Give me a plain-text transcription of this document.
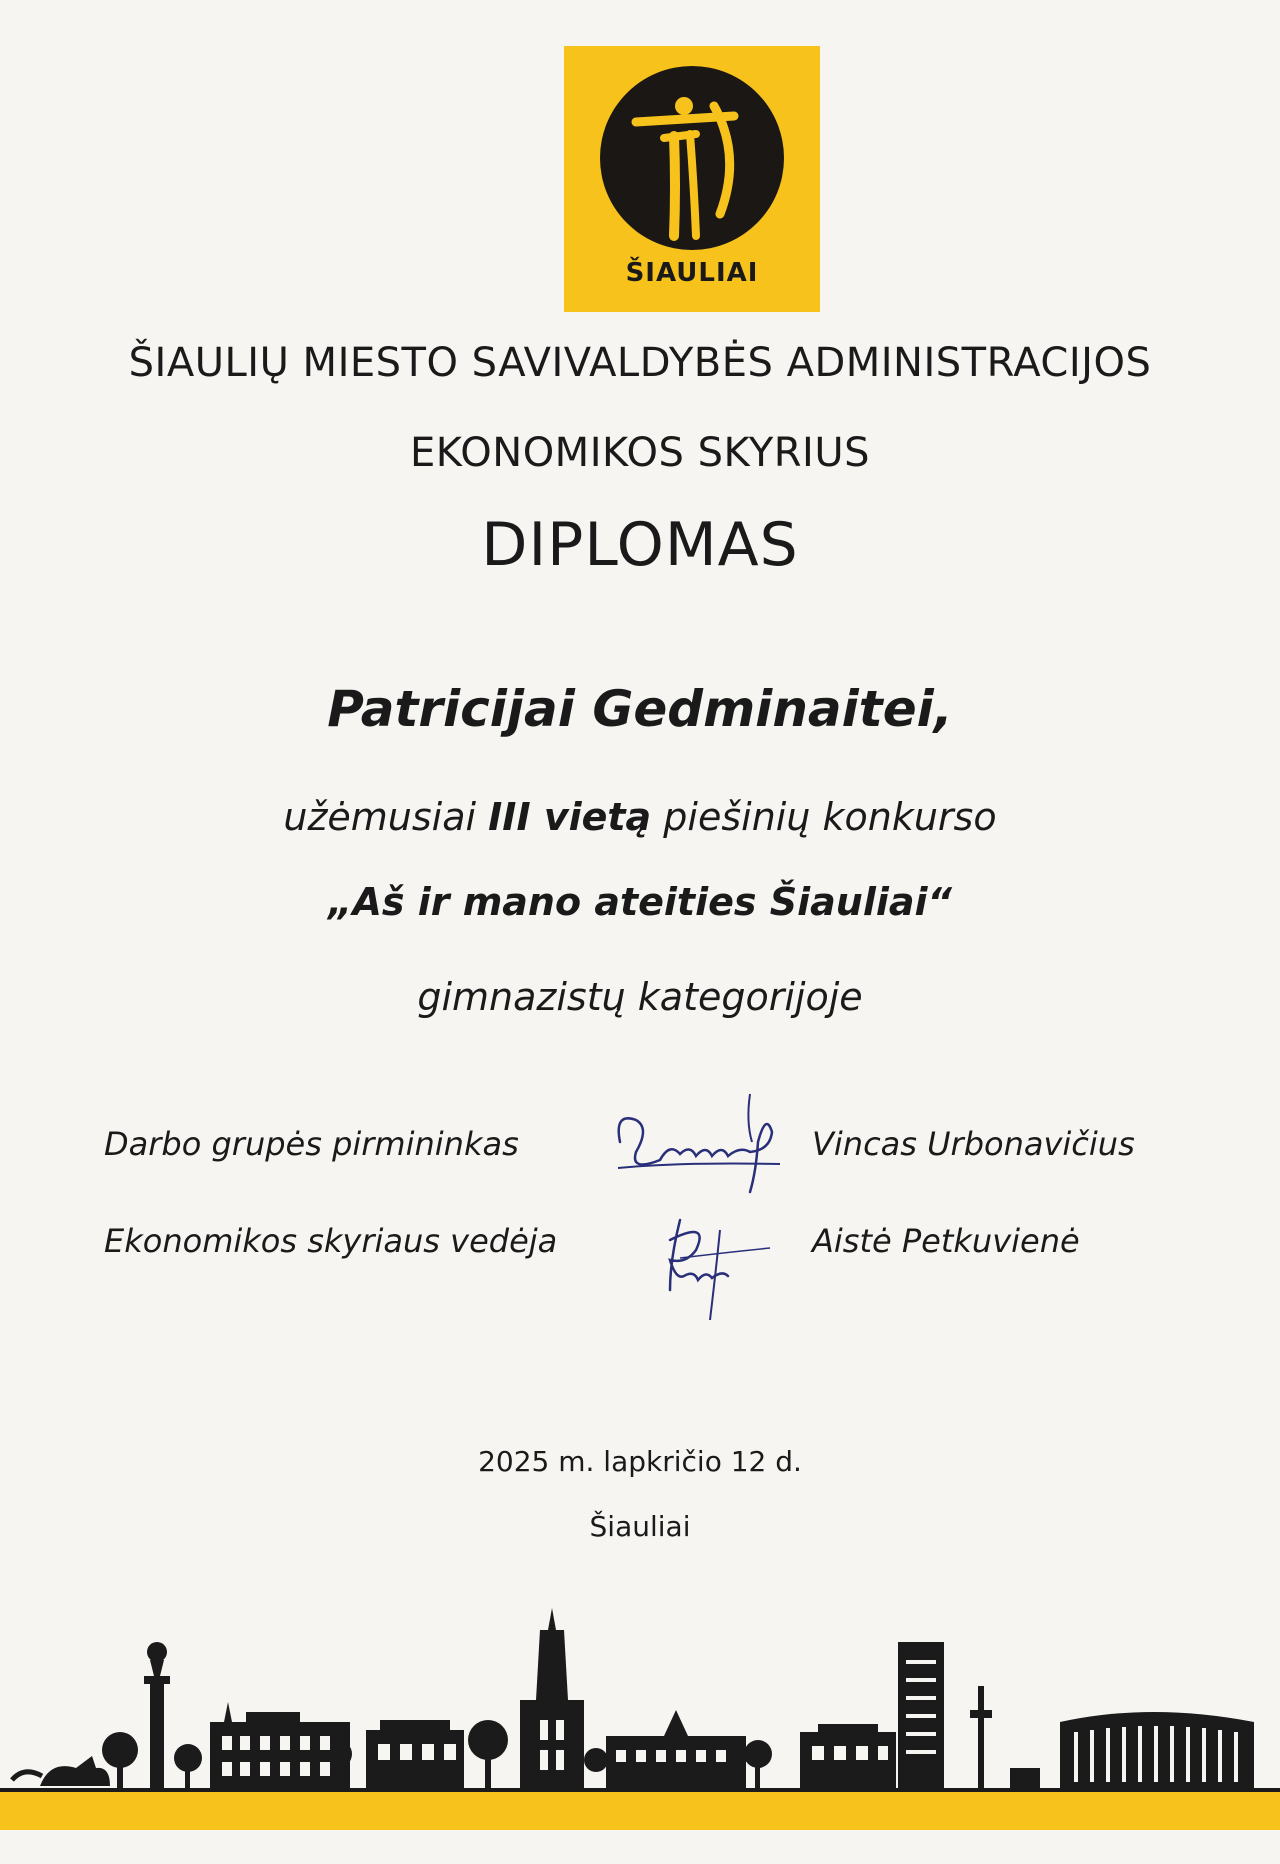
ŠIAULIAI
ŠIAULIŲ MIESTO SAVIVALDYBĖS ADMINISTRACIJOS
EKONOMIKOS SKYRIUS
DIPLOMAS
Patricijai Gedminaitei,
užėmusiai III vietą piešinių konkurso
„Aš ir mano ateities Šiauliai“
gimnazistų kategorijoje
Darbo grupės pirmininkas	Vincas Urbonavičius
Ekonomikos skyriaus vedėja	Aistė Petkuvienė
2025 m. lapkričio 12 d.
Šiauliai
